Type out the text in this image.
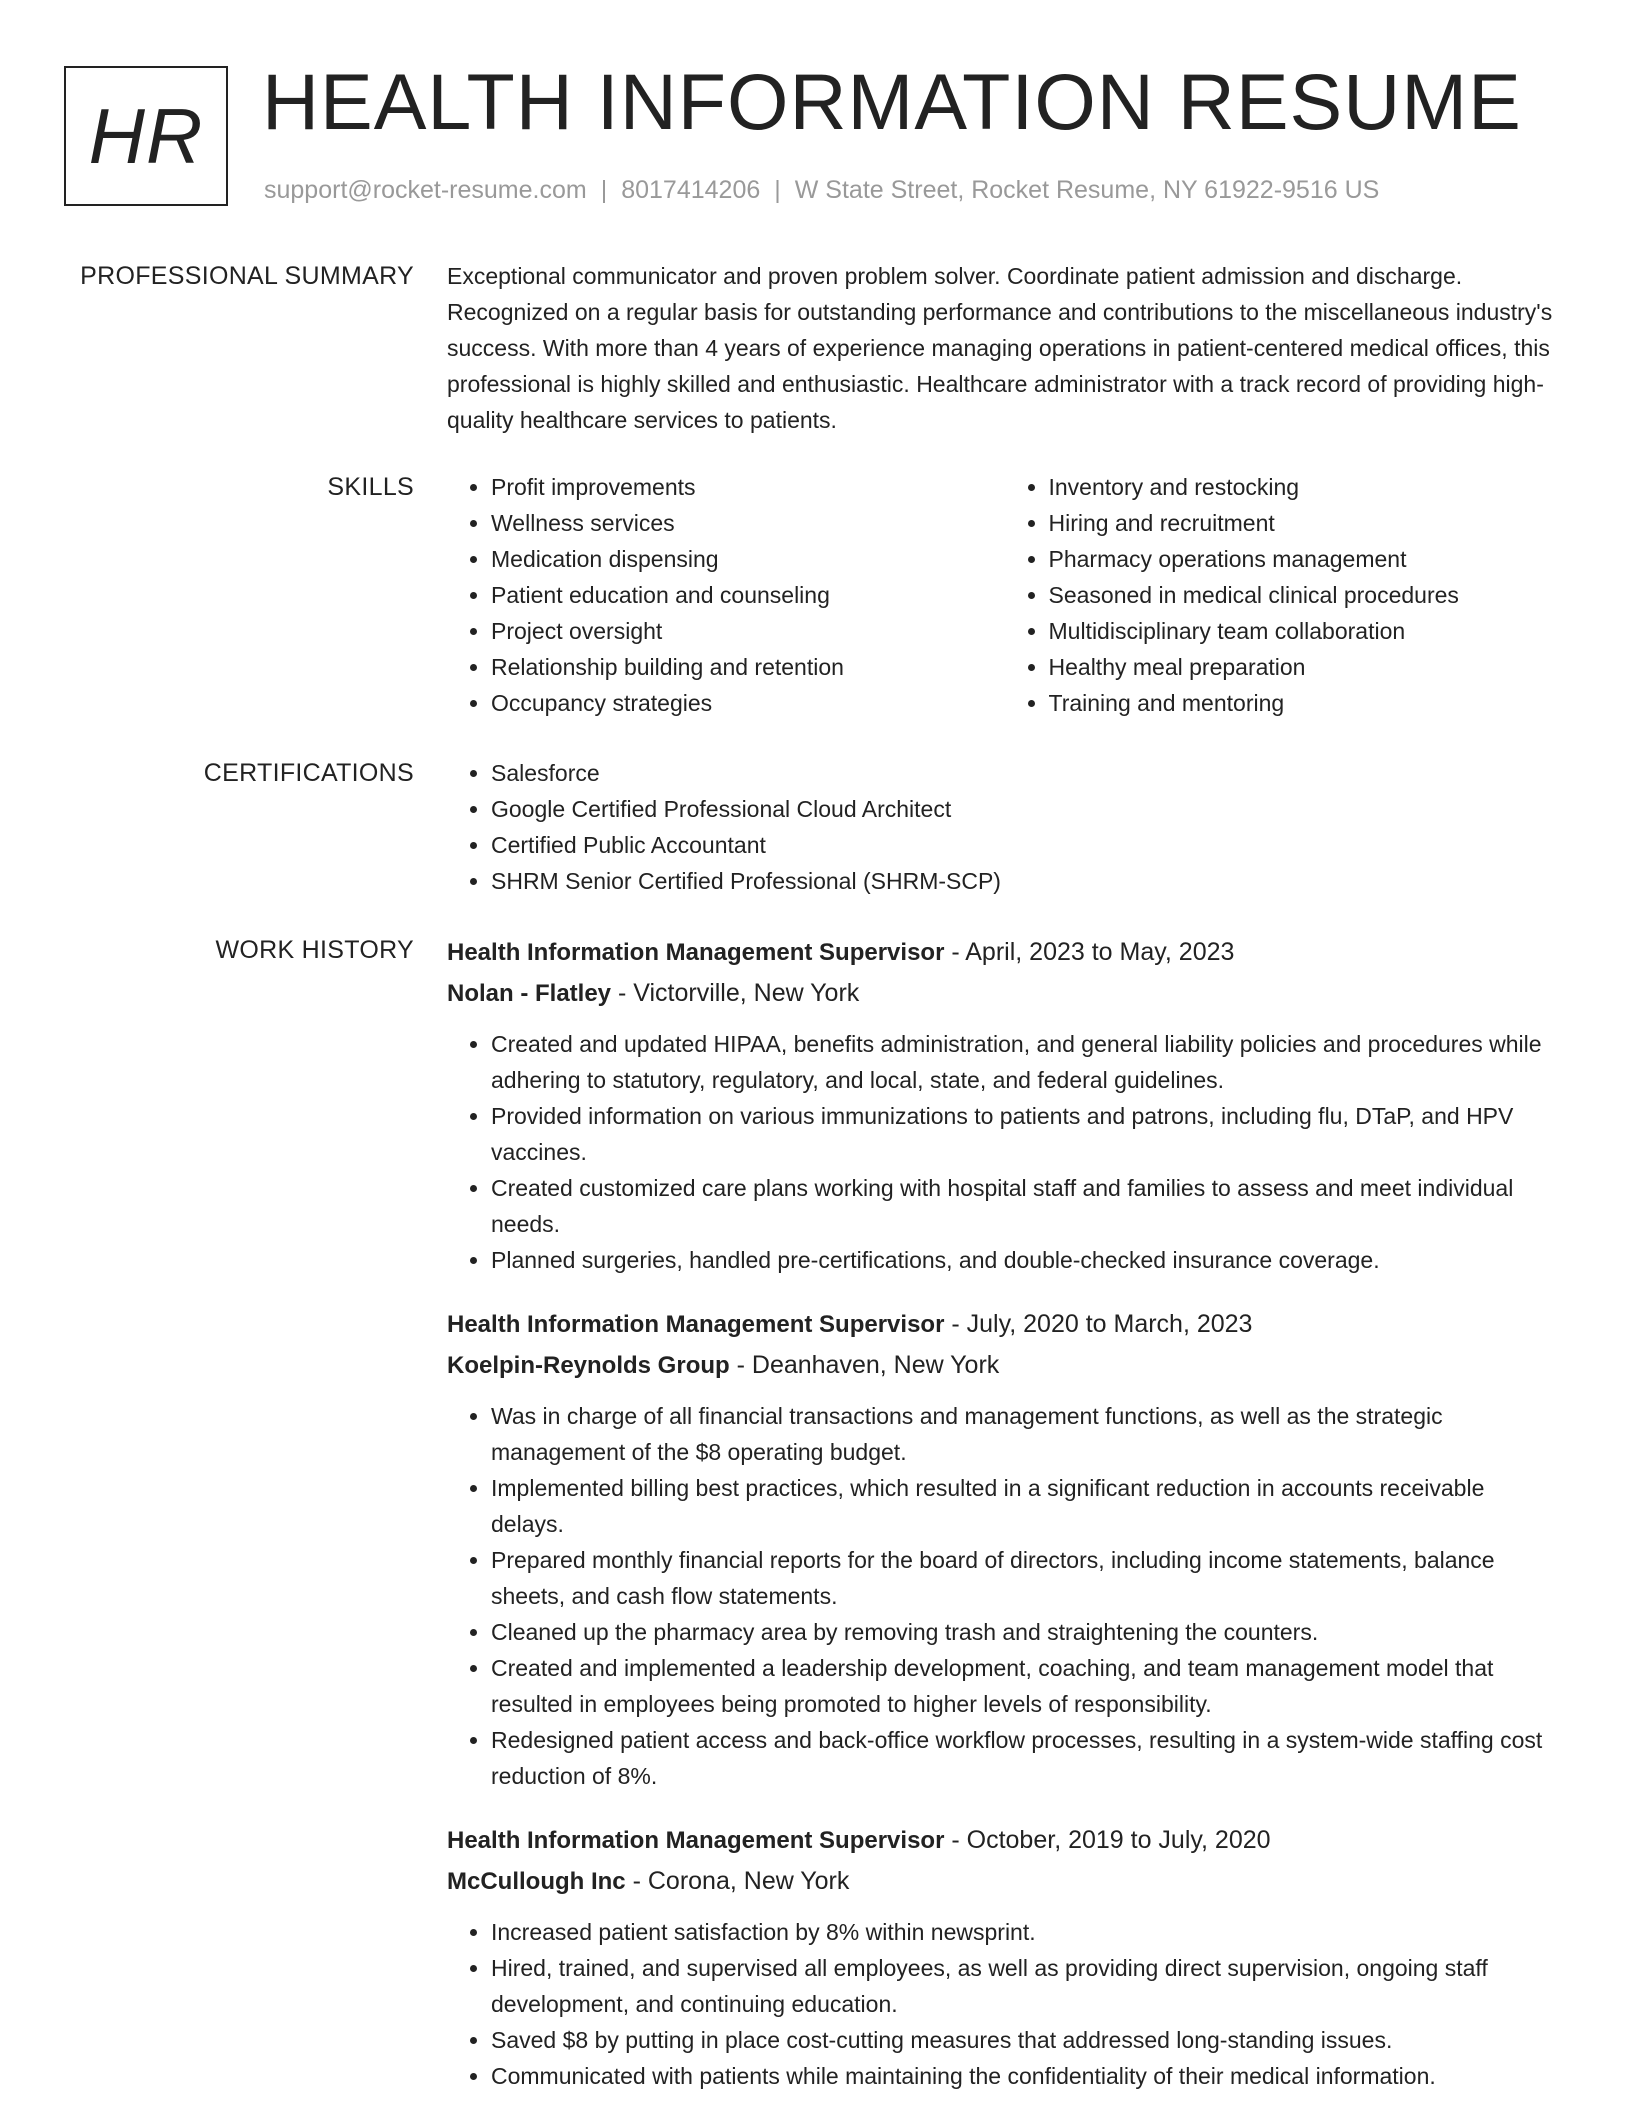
HR HEALTH INFORMATION RESUME
support@rocket-resume.com | 8017414206 | W State Street, Rocket Resume, NY 61922-9516 US
PROFESSIONAL SUMMARY Exceptional communicator and proven problem solver. Coordinate patient admission and discharge. Recognized on a regular basis for outstanding performance and contributions to the miscellaneous industry's success. With more than 4 years of experience managing operations in patient-centered medical offices, this professional is highly skilled and enthusiastic. Healthcare administrator with a track record of providing high-quality healthcare services to patients.

SKILLS	• Profit improvements
• Wellness services
• Medication dispensing
• Patient education and counseling
• Project oversight
• Relationship building and retention
• Occupancy strategies
• Inventory and restocking
• Hiring and recruitment
• Pharmacy operations management
• Seasoned in medical clinical procedures
• Multidisciplinary team collaboration
• Healthy meal preparation
• Training and mentoring
CERTIFICATIONS	• Salesforce
• Google Certified Professional Cloud Architect
• Certified Public Accountant
• SHRM Senior Certified Professional (SHRM-SCP)
WORK HISTORY Health Information Management Supervisor - April, 2023 to May, 2023
Nolan - Flatley - Victorville, New York
• Created and updated HIPAA, benefits administration, and general liability policies and procedures while adhering to statutory, regulatory, and local, state, and federal guidelines.
• Provided information on various immunizations to patients and patrons, including flu, DTaP, and HPV vaccines.
• Created customized care plans working with hospital staff and families to assess and meet individual needs.
• Planned surgeries, handled pre-certifications, and double-checked insurance coverage.
Health Information Management Supervisor - July, 2020 to March, 2023
Koelpin-Reynolds Group - Deanhaven, New York
• Was in charge of all financial transactions and management functions, as well as the strategic management of the $8 operating budget.
• Implemented billing best practices, which resulted in a significant reduction in accounts receivable delays.
• Prepared monthly financial reports for the board of directors, including income statements, balance sheets, and cash flow statements.
• Cleaned up the pharmacy area by removing trash and straightening the counters.
• Created and implemented a leadership development, coaching, and team management model that resulted in employees being promoted to higher levels of responsibility.
• Redesigned patient access and back-office workflow processes, resulting in a system-wide staffing cost reduction of 8%.
Health Information Management Supervisor - October, 2019 to July, 2020
McCullough Inc - Corona, New York
• Increased patient satisfaction by 8% within newsprint.
• Hired, trained, and supervised all employees, as well as providing direct supervision, ongoing staff development, and continuing education.
• Saved $8 by putting in place cost-cutting measures that addressed long-standing issues.
• Communicated with patients while maintaining the confidentiality of their medical information.
